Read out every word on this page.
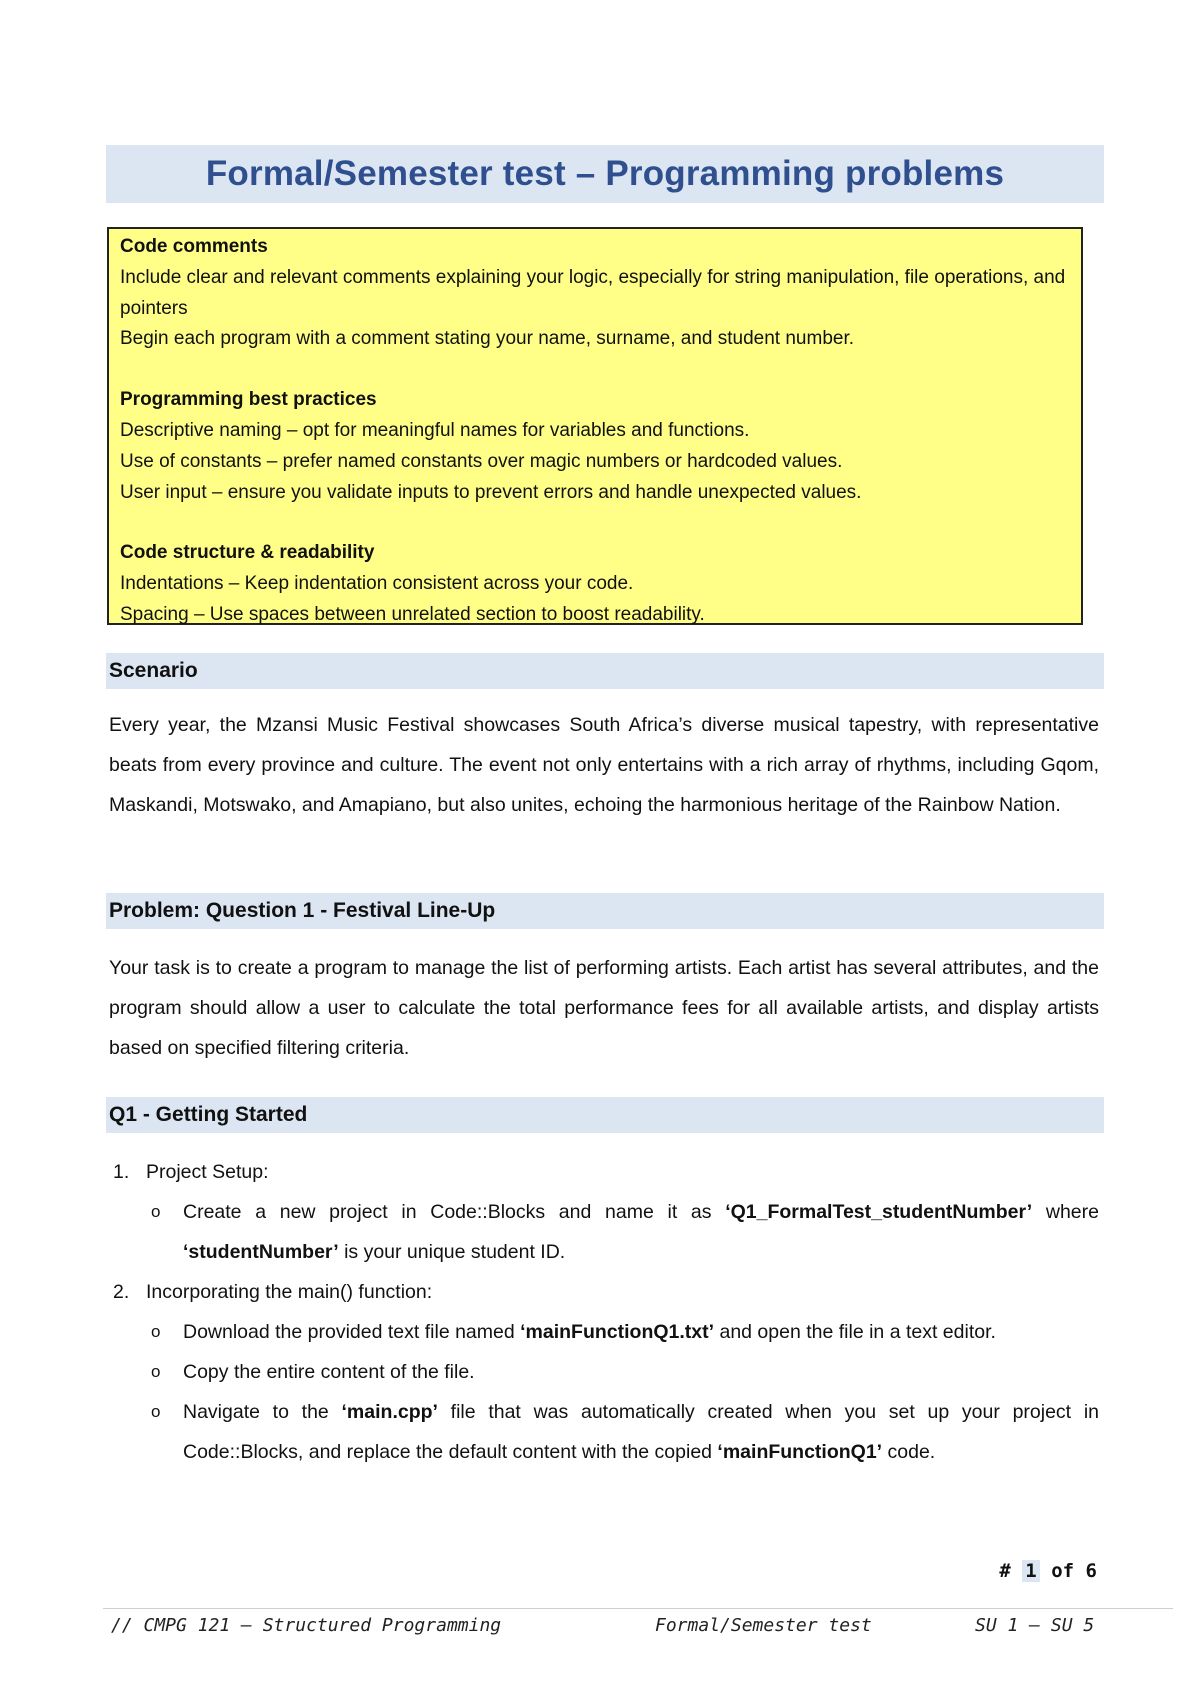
Formal/Semester test – Programming problems
Code comments
Include clear and relevant comments explaining your logic, especially for string manipulation, file operations, and pointers
Begin each program with a comment stating your name, surname, and student number.
Programming best practices
Descriptive naming – opt for meaningful names for variables and functions.
Use of constants – prefer named constants over magic numbers or hardcoded values.
User input – ensure you validate inputs to prevent errors and handle unexpected values.
Code structure & readability
Indentations – Keep indentation consistent across your code.
Spacing – Use spaces between unrelated section to boost readability.
Scenario
Every year, the Mzansi Music Festival showcases South Africa’s diverse musical tapestry, with representative beats from every province and culture. The event not only entertains with a rich array of rhythms, including Gqom, Maskandi, Motswako, and Amapiano, but also unites, echoing the harmonious heritage of the Rainbow Nation.
Problem: Question 1 - Festival Line-Up
Your task is to create a program to manage the list of performing artists. Each artist has several attributes, and the program should allow a user to calculate the total performance fees for all available artists, and display artists based on specified filtering criteria.
Q1 - Getting Started
1. Project Setup:
o Create a new project in Code::Blocks and name it as ‘Q1_FormalTest_studentNumber’ where ‘studentNumber’ is your unique student ID.
2. Incorporating the main() function:
o Download the provided text file named ‘mainFunctionQ1.txt’ and open the file in a text editor.
o Copy the entire content of the file.
o Navigate to the ‘main.cpp’ file that was automatically created when you set up your project in Code::Blocks, and replace the default content with the copied ‘mainFunctionQ1’ code.
# 1 of 6
// CMPG 121 – Structured Programming	Formal/Semester test	SU 1 – SU 5
